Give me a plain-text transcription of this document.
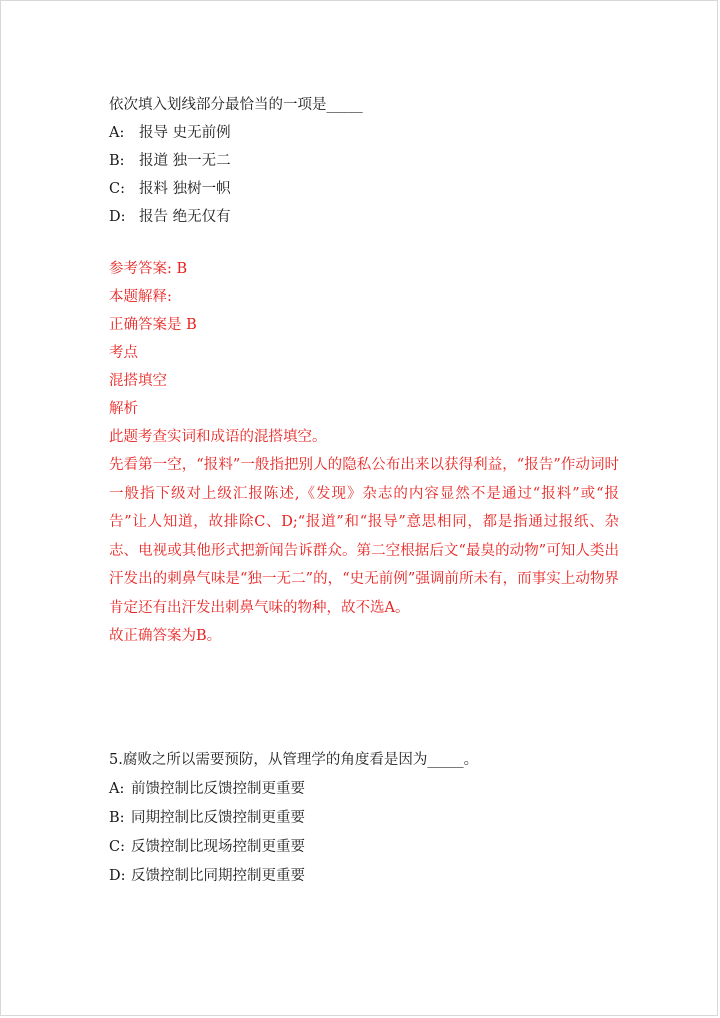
依次填入划线部分最恰当的一项是_____
A: 报导 史无前例
B: 报道 独一无二
C: 报料 独树一帜
D: 报告 绝无仅有
参考答案: B
本题解释:
正确答案是 B
考点
混搭填空
解析
此题考查实词和成语的混搭填空。
先看第一空，“报料”一般指把别人的隐私公布出来以获得利益，“报告”作动词时一般指下级对上级汇报陈述,《发现》杂志的内容显然不是通过“报料”或“报告”让人知道，故排除C、D;“报道”和“报导”意思相同，都是指通过报纸、杂志、电视或其他形式把新闻告诉群众。第二空根据后文“最臭的动物”可知人类出汗发出的刺鼻气味是“独一无二”的，“史无前例”强调前所未有，而事实上动物界肯定还有出汗发出刺鼻气味的物种，故不选A。
故正确答案为B。
5.腐败之所以需要预防，从管理学的角度看是因为_____。
A: 前馈控制比反馈控制更重要
B: 同期控制比反馈控制更重要
C: 反馈控制比现场控制更重要
D: 反馈控制比同期控制更重要
